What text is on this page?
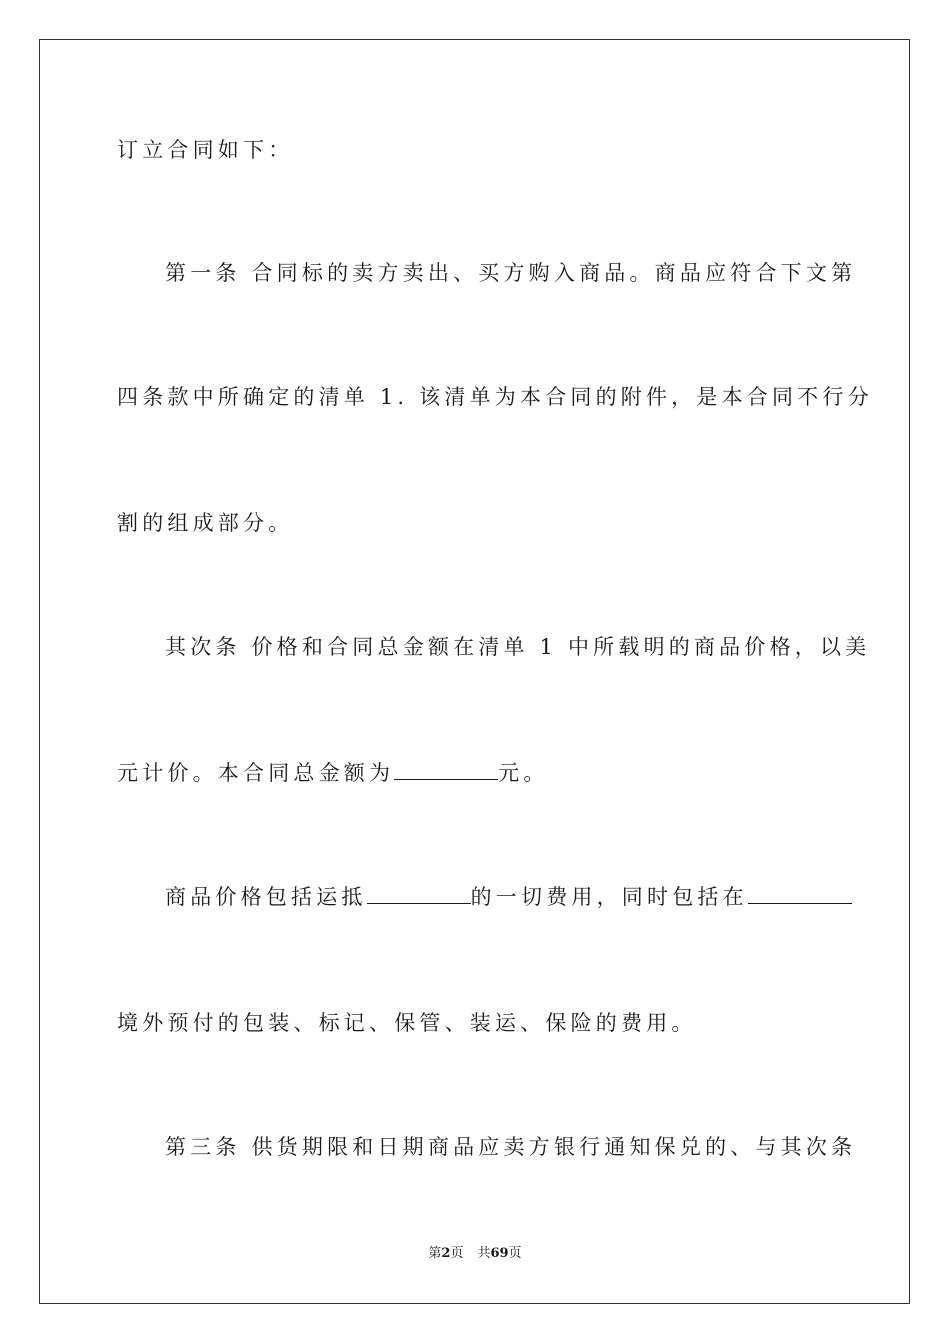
订立合同如下：
第一条 合同标的卖方卖出、买方购入商品。商品应符合下文第
四条款中所确定的清单 1. 该清单为本合同的附件，是本合同不行分
割的组成部分。
其次条 价格和合同总金额在清单 1 中所载明的商品价格，以美
元计价。本合同总金额为	元。
商品价格包括运抵	的一切费用，同时包括在
境外预付的包装、标记、保管、装运、保险的费用。
第三条 供货期限和日期商品应卖方银行通知保兑的、与其次条
第2页 共69页
